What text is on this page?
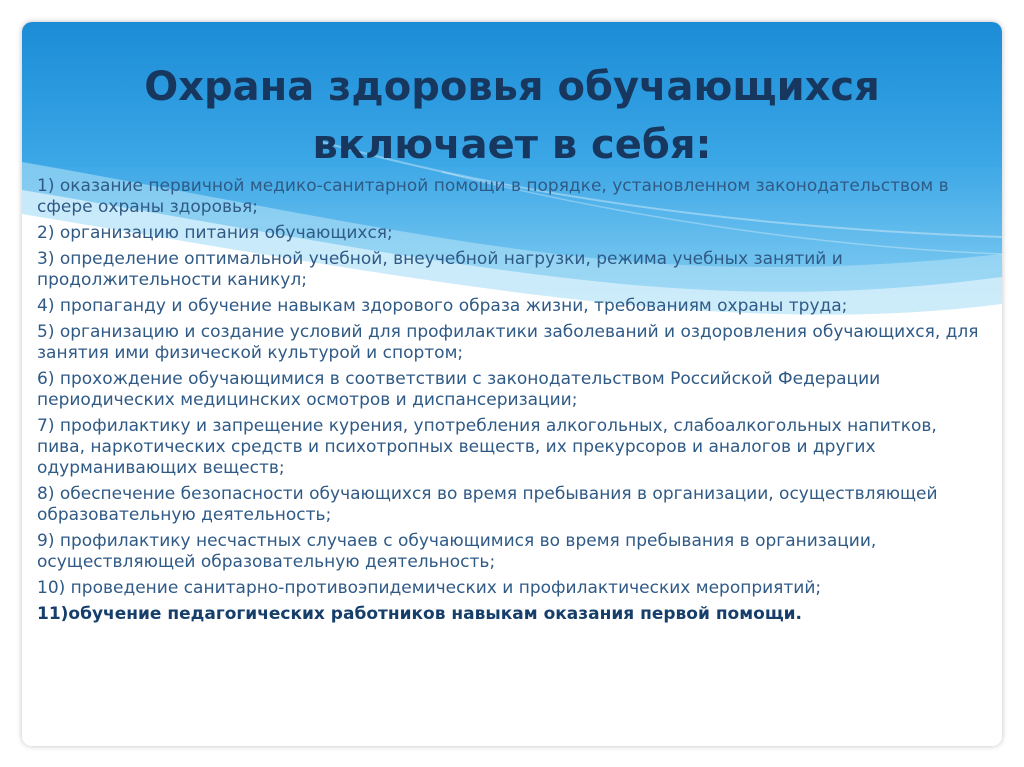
Охрана здоровья обучающихся
включает в себя:
1) оказание первичной медико-санитарной помощи в порядке, установленном законодательством в сфере охраны здоровья;
2) организацию питания обучающихся;
3) определение оптимальной учебной, внеучебной нагрузки, режима учебных занятий и продолжительности каникул;
4) пропаганду и обучение навыкам здорового образа жизни, требованиям охраны труда;
5) организацию и создание условий для профилактики заболеваний и оздоровления обучающихся, для занятия ими физической культурой и спортом;
6) прохождение обучающимися в соответствии с законодательством Российской Федерации периодических медицинских осмотров и диспансеризации;
7) профилактику и запрещение курения, употребления алкогольных, слабоалкогольных напитков, пива, наркотических средств и психотропных веществ, их прекурсоров и аналогов и других одурманивающих веществ;
8) обеспечение безопасности обучающихся во время пребывания в организации, осуществляющей образовательную деятельность;
9) профилактику несчастных случаев с обучающимися во время пребывания в организации, осуществляющей образовательную деятельность;
10) проведение санитарно-противоэпидемических и профилактических мероприятий;
11)обучение педагогических работников навыкам оказания первой помощи.
